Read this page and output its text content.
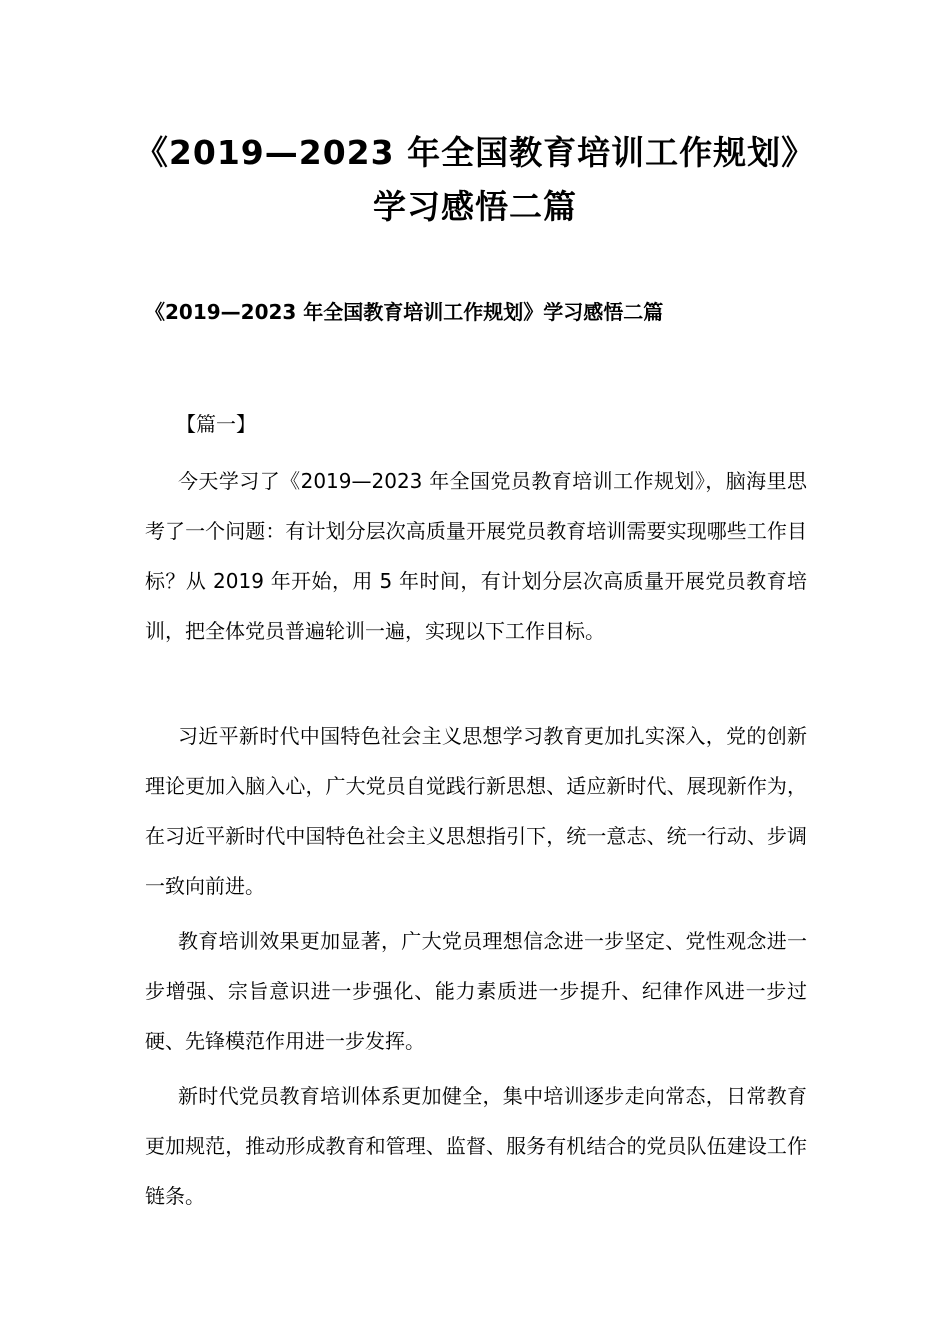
《2019—2023 年全国教育培训工作规划》学习感悟二篇
《2019—2023 年全国教育培训工作规划》学习感悟二篇

【篇一】

今天学习了《2019—2023 年全国党员教育培训工作规划》，脑海里思考了一个问题：有计划分层次高质量开展党员教育培训需要实现哪些工作目标？从 2019 年开始，用 5 年时间，有计划分层次高质量开展党员教育培训，把全体党员普遍轮训一遍，实现以下工作目标。

习近平新时代中国特色社会主义思想学习教育更加扎实深入，党的创新理论更加入脑入心，广大党员自觉践行新思想、适应新时代、展现新作为，在习近平新时代中国特色社会主义思想指引下，统一意志、统一行动、步调一致向前进。

教育培训效果更加显著，广大党员理想信念进一步坚定、党性观念进一步增强、宗旨意识进一步强化、能力素质进一步提升、纪律作风进一步过硬、先锋模范作用进一步发挥。

新时代党员教育培训体系更加健全，集中培训逐步走向常态，日常教育更加规范，推动形成教育和管理、监督、服务有机结合的党员队伍建设工作链条。
